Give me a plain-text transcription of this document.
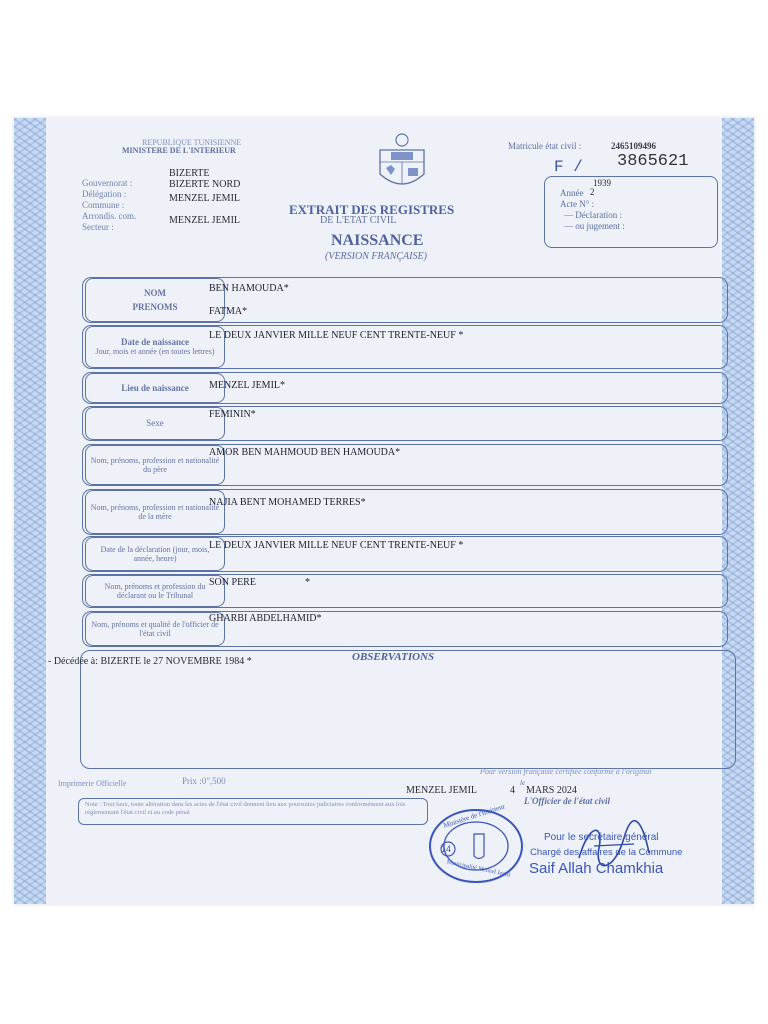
REPUBLIQUE TUNISIENNE
MINISTERE DE L'INTERIEUR
BIZERTE
Gouvernorat :	BIZERTE NORD
Délégation :	MENZEL JEMIL
Commune :
Arrondis. com.	MENZEL JEMIL
Secteur :
EXTRAIT DES REGISTRES
DE L'ETAT CIVIL
NAISSANCE
(VERSION FRANÇAISE)
Matricule état civil :	2465109496
F / 3865621
1939
Année 2
Acte N° :
— Déclaration :
— ou jugement :
NOM
PRENOMS
BEN HAMOUDA*
FATMA*
Date de naissance
Jour, mois et année (en toutes lettres)
LE DEUX JANVIER MILLE NEUF CENT TRENTE-NEUF *
Lieu de naissance	MENZEL JEMIL*
Sexe
FEMININ*
Nom, prénoms, profession et nationalité du père
AMOR BEN MAHMOUD BEN HAMOUDA*
Nom, prénoms, profession et nationalité de la mère
NAJIA BENT MOHAMED TERRES*
Date de la déclaration (jour, mois, année, heure)
LE DEUX JANVIER MILLE NEUF CENT TRENTE-NEUF *
Nom, prénoms et profession du déclarant ou le Tribunal
SON PERE	*
Nom, prénoms et qualité de l'officier de l'état civil
GHARBI ABDELHAMID*
OBSERVATIONS
- Décédée à: BIZERTE le 27 NOVEMBRE 1984 *
Imprimerie Officielle	Prix :0",500
Pour version française certifiée conforme à l'original
MENZEL JEMIL	4
le
MARS 2024
L'Officier de l'état civil
Note : Tout faux, toute altération dans les actes de l'état civil donnent lieu aux poursuites judiciaires conformément aux lois réglementant l'état civil et au code pénal	Ministère de l'Intérieur
Municipalité Menzel Jemil
14
Pour le secrétaire général
Chargé des affaires de la Commune
Saif Allah Chamkhia
